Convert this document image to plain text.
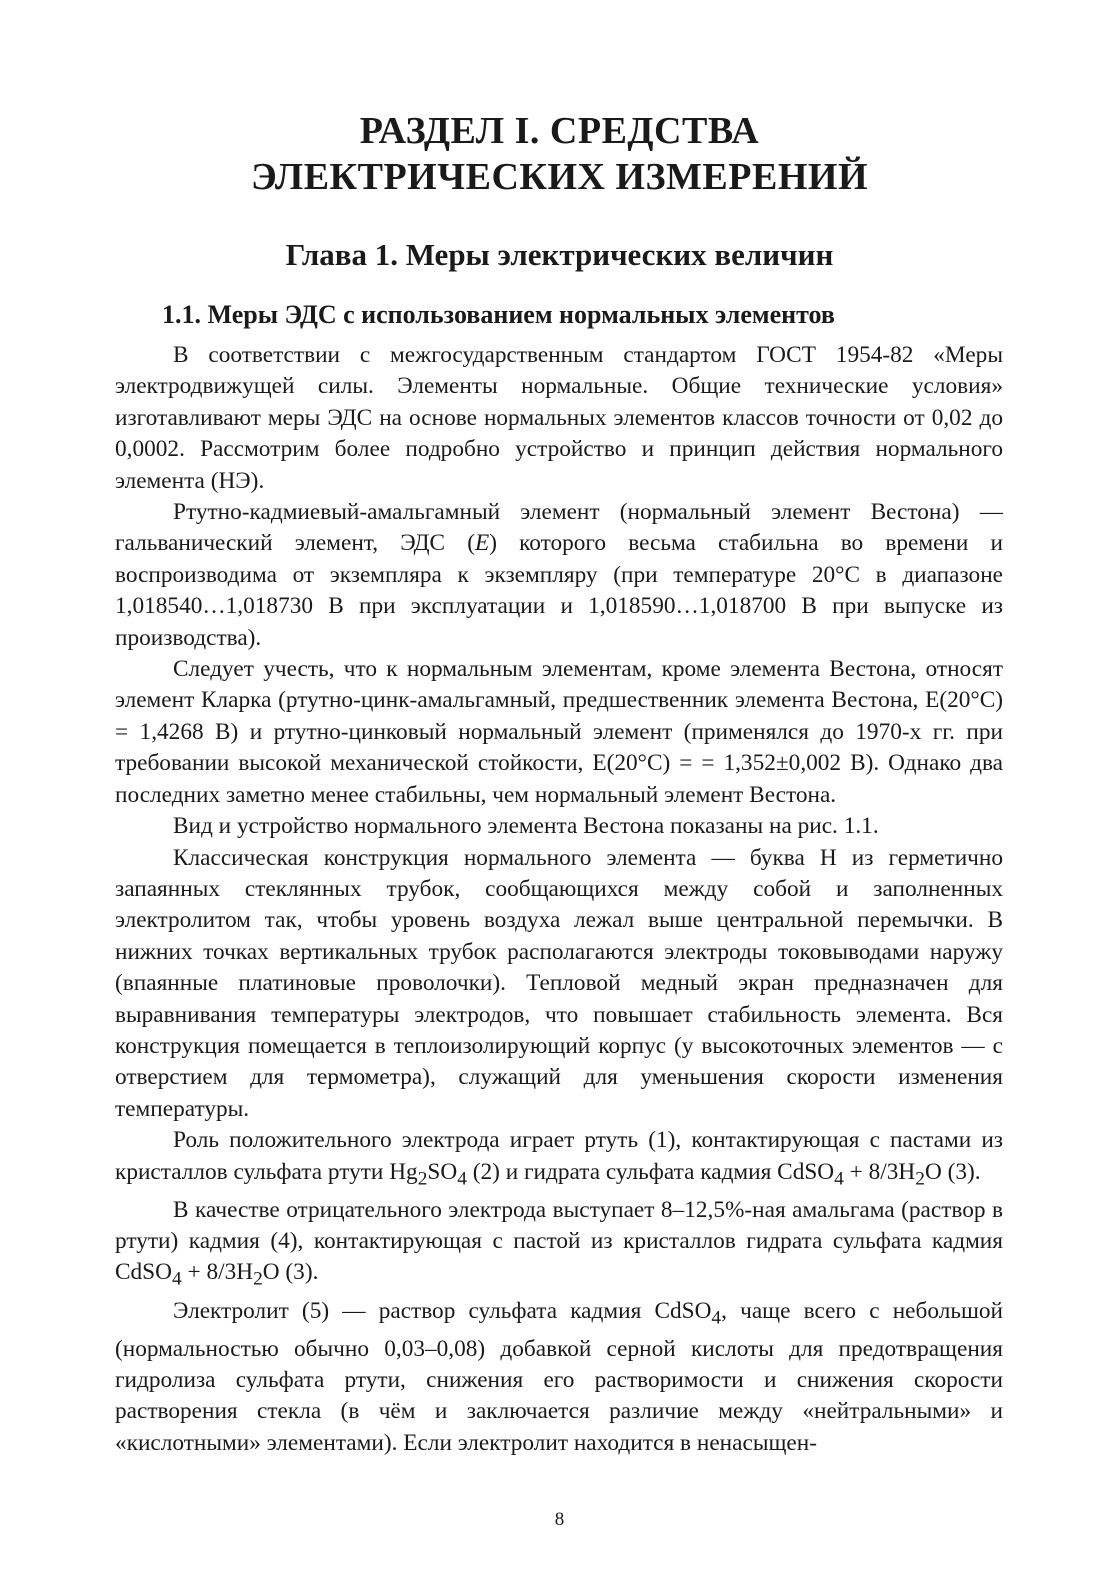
РАЗДЕЛ I. СРЕДСТВА
ЭЛЕКТРИЧЕСКИХ ИЗМЕРЕНИЙ
Глава 1. Меры электрических величин
1.1. Меры ЭДС с использованием нормальных элементов

В соответствии с межгосударственным стандартом ГОСТ 1954-82 «Меры электродвижущей силы. Элементы нормальные. Общие технические условия» изготавливают меры ЭДС на основе нормальных элементов классов точности от 0,02 до 0,0002. Рассмотрим более подробно устройство и принцип действия нормального элемента (НЭ).

Ртутно-кадмиевый-амальгамный элемент (нормальный элемент Вестона) — гальванический элемент, ЭДС (Е) которого весьма стабильна во времени и воспроизводима от экземпляра к экземпляру (при температуре 20°С в диапазоне 1,018540…1,018730 В при эксплуатации и 1,018590…1,018700 В при выпуске из производства).

Следует учесть, что к нормальным элементам, кроме элемента Вестона, относят элемент Кларка (ртутно-цинк-амальгамный, предшественник элемента Вестона, Е(20°С) = 1,4268 В) и ртутно-цинковый нормальный элемент (применялся до 1970-х гг. при требовании высокой механической стойкости, Е(20°С) = = 1,352±0,002 В). Однако два последних заметно менее стабильны, чем нормальный элемент Вестона.

Вид и устройство нормального элемента Вестона показаны на рис. 1.1.

Классическая конструкция нормального элемента — буква Н из герметично запаянных стеклянных трубок, сообщающихся между собой и заполненных электролитом так, чтобы уровень воздуха лежал выше центральной перемычки. В нижних точках вертикальных трубок располагаются электроды токовыводами наружу (впаянные платиновые проволочки). Тепловой медный экран предназначен для выравнивания температуры электродов, что повышает стабильность элемента. Вся конструкция помещается в теплоизолирующий корпус (у высокоточных элементов — с отверстием для термометра), служащий для уменьшения скорости изменения температуры.

Роль положительного электрода играет ртуть (1), контактирующая с пастами из кристаллов сульфата ртути $Hg_2SO_4$ (2) и гидрата сульфата кадмия CdSO$_4$ + $8/3H_2O$ (3).

В качестве отрицательного электрода выступает 8–12,5%-ная амальгама (раствор в ртути) кадмия (4), контактирующая с пастой из кристаллов гидрата сульфата кадмия CdSO$_4$ + $8/3H_2O$ (3).

Электролит (5) — раствор сульфата кадмия CdSO$_4$, чаще всего с небольшой (нормальностью обычно 0,03–0,08) добавкой серной кислоты для предотвращения гидролиза сульфата ртути, снижения его растворимости и снижения скорости растворения стекла (в чём и заключается различие между «нейтральными» и «кислотными» элементами). Если электролит находится в ненасыщен-

8
